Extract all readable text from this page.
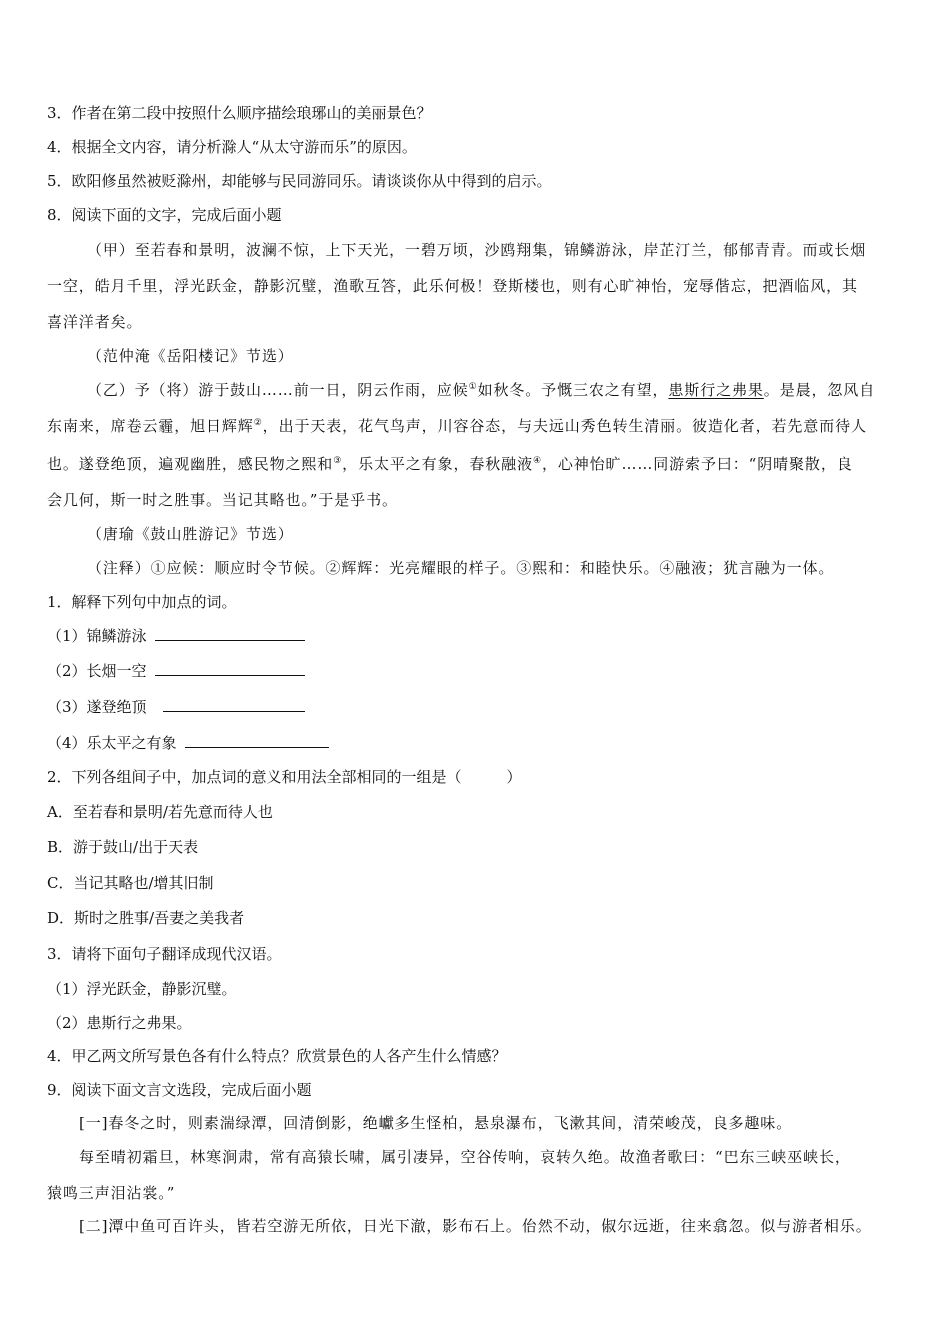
3．作者在第二段中按照什么顺序描绘琅琊山的美丽景色？
4．根据全文内容，请分析滁人“从太守游而乐”的原因。
5．欧阳修虽然被贬滁州，却能够与民同游同乐。请谈谈你从中得到的启示。
8．阅读下面的文字，完成后面小题
（甲）至若春和景明，波澜不惊，上下天光，一碧万顷，沙鸥翔集，锦鳞游泳，岸芷汀兰，郁郁青青。而或长烟
一空，皓月千里，浮光跃金，静影沉璧，渔歌互答，此乐何极！登斯楼也，则有心旷神怡，宠辱偕忘，把酒临风，其
喜洋洋者矣。
（范仲淹《岳阳楼记》节选）
（乙）予（将）游于鼓山……前一日，阴云作雨，应候①如秋冬。予慨三农之有望，患斯行之弗果。是晨，忽风自
东南来，席卷云霾，旭日辉辉②，出于天表，花气鸟声，川容谷态，与夫远山秀色转生清丽。彼造化者，若先意而待人
也。遂登绝顶，遍观幽胜，感民物之熙和③，乐太平之有象，春秋融液④，心神怡旷……同游索予曰：“阴晴聚散，良
会几何，斯一时之胜事。当记其略也。”于是乎书。
（唐瑜《鼓山胜游记》节选）
（注释）①应候：顺应时令节候。②辉辉：光亮耀眼的样子。③熙和：和睦快乐。④融液；犹言融为一体。
1．解释下列句中加点的词。
（1）锦鳞游泳
（2）长烟一空
（3）遂登绝顶
（4）乐太平之有象
2．下列各组间子中，加点词的意义和用法全部相同的一组是（　　　）
A．至若春和景明/若先意而待人也
B．游于鼓山/出于天表
C．当记其略也/增其旧制
D．斯时之胜事/吾妻之美我者
3．请将下面句子翻译成现代汉语。
（1）浮光跃金，静影沉璧。
（2）患斯行之弗果。
4．甲乙两文所写景色各有什么特点？欣赏景色的人各产生什么情感？
9．阅读下面文言文选段，完成后面小题
[一]春冬之时，则素湍绿潭，回清倒影，绝巘多生怪柏，悬泉瀑布，飞漱其间，清荣峻茂，良多趣味。
每至晴初霜旦，林寒涧肃，常有高猿长啸，属引凄异，空谷传响，哀转久绝。故渔者歌曰：“巴东三峡巫峡长，
猿鸣三声泪沾裳。”
[二]潭中鱼可百许头，皆若空游无所依，日光下澈，影布石上。佁然不动，俶尔远逝，往来翕忽。似与游者相乐。
